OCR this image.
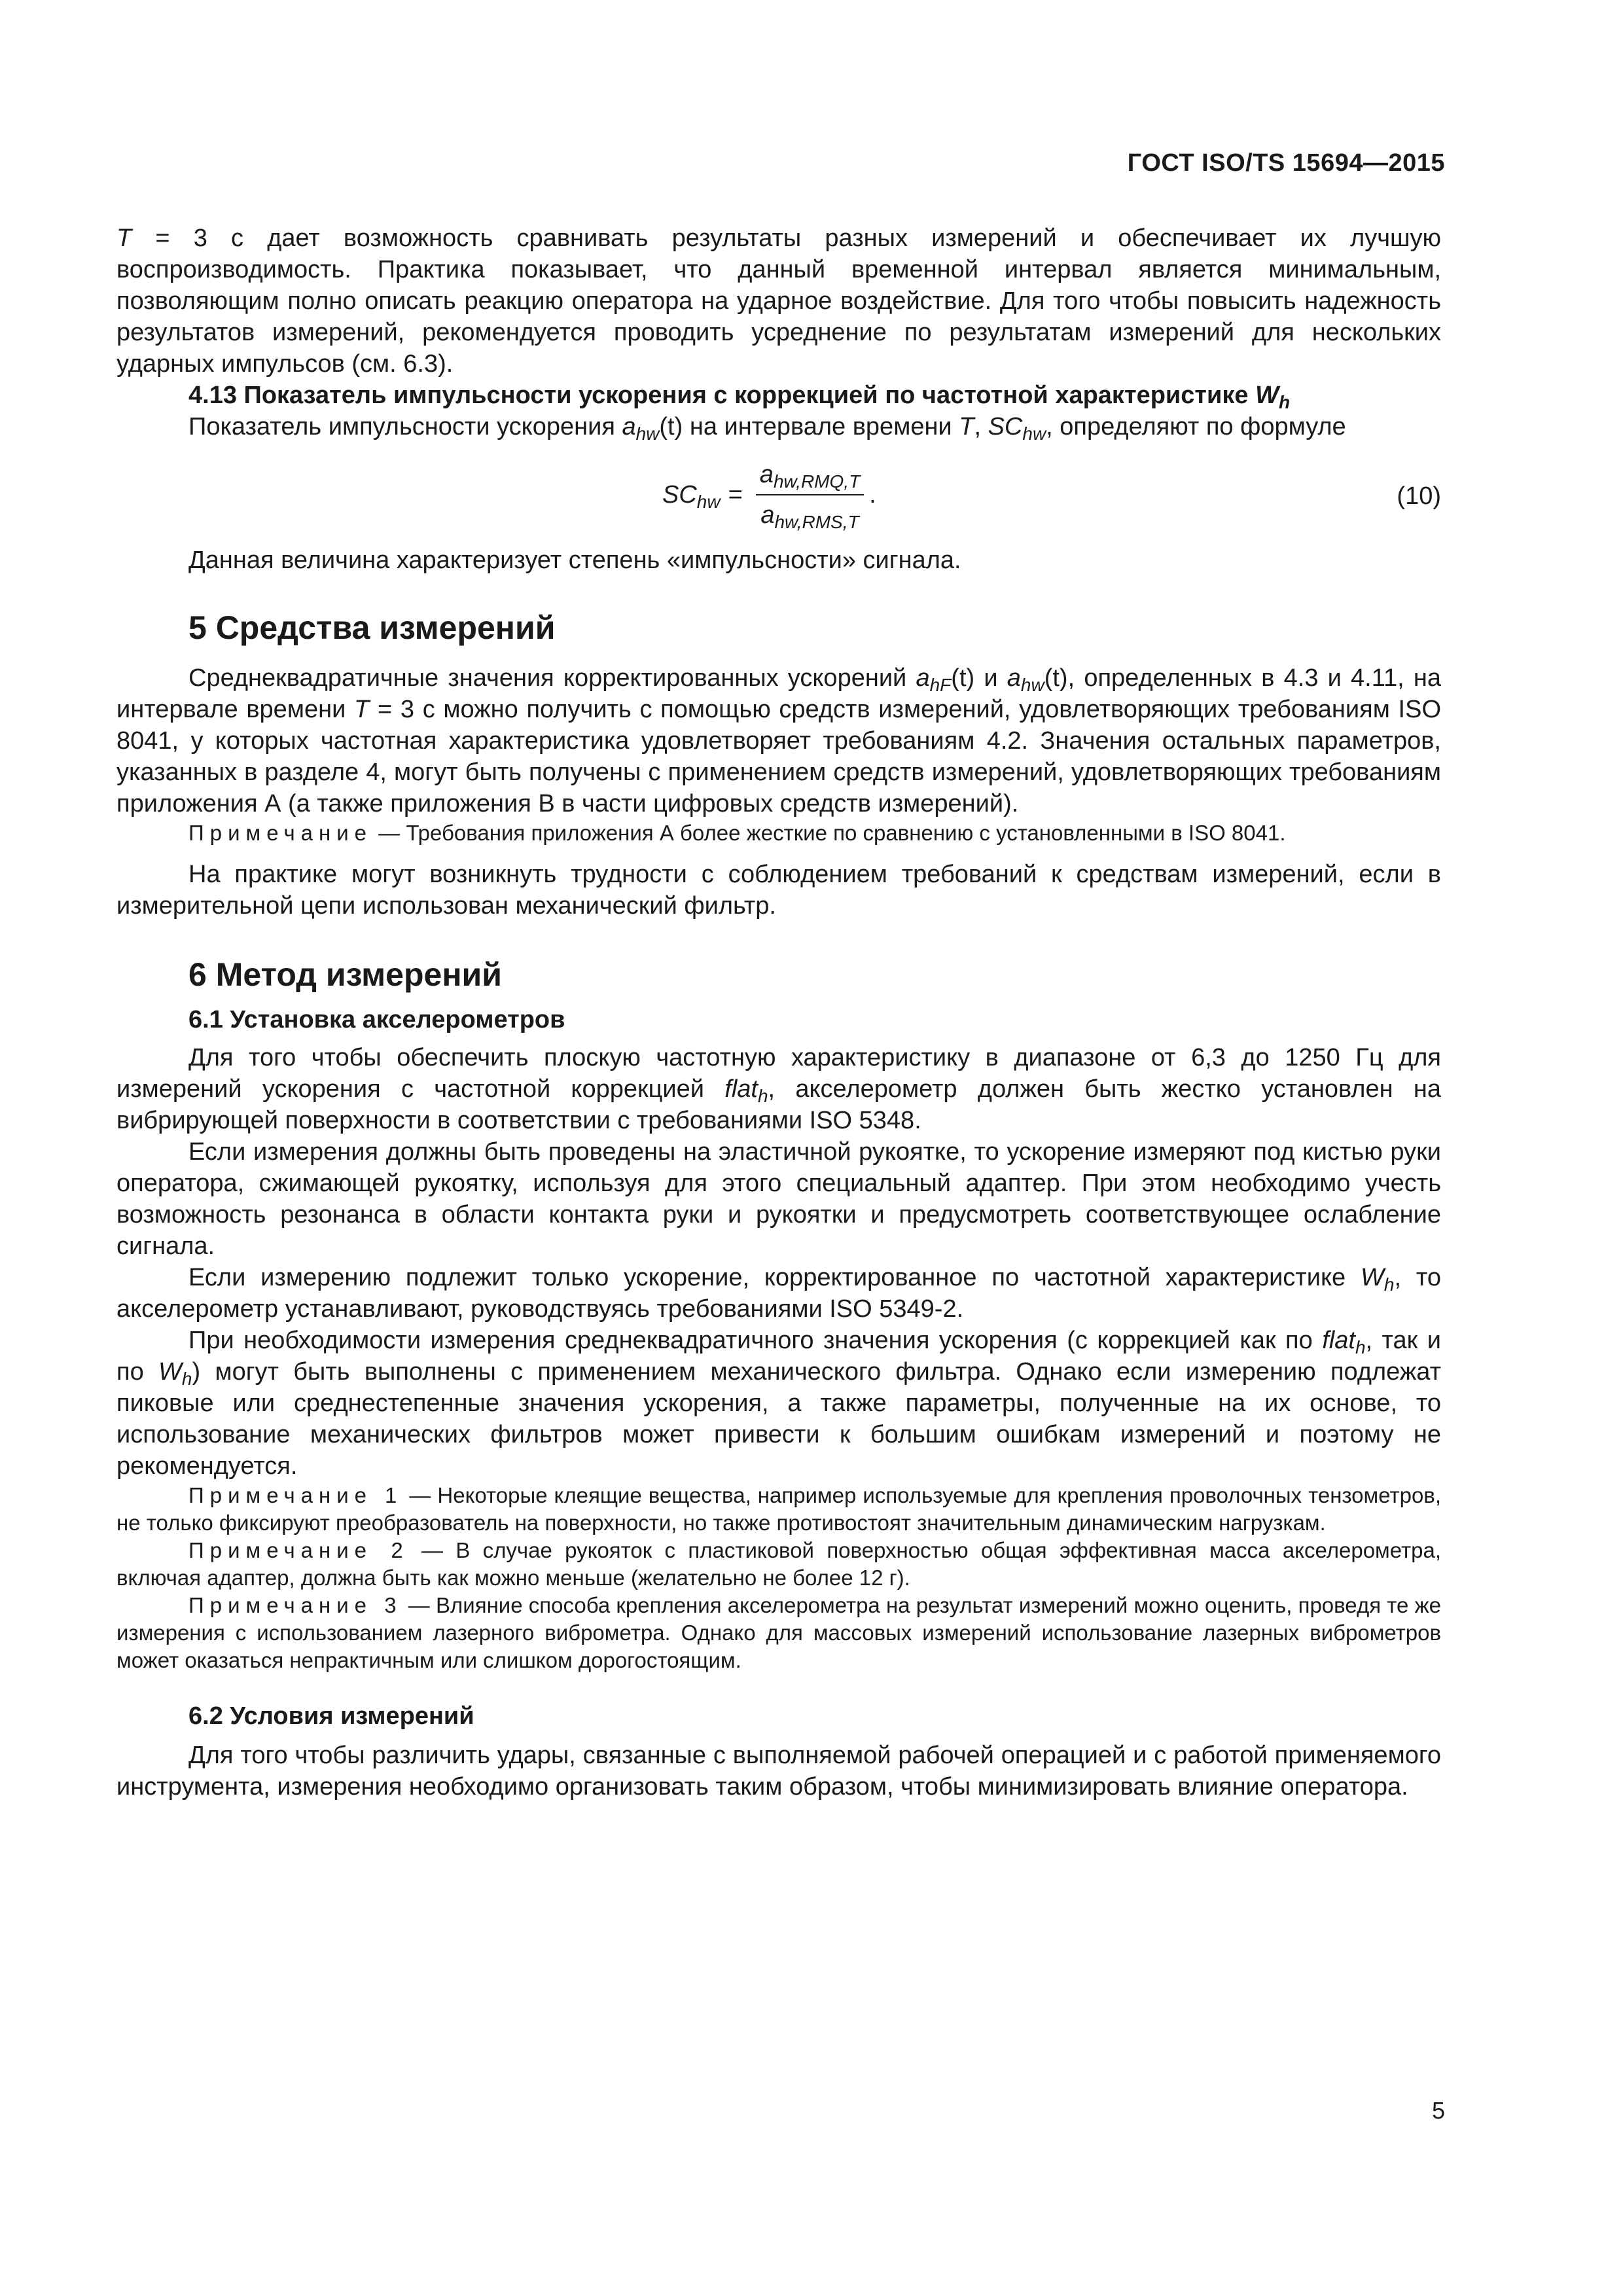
ГОСТ ISO/TS 15694—2015

T = 3 с дает возможность сравнивать результаты разных измерений и обеспечивает их лучшую воспроизводимость. Практика показывает, что данный временной интервал является минимальным, позволяющим полно описать реакцию оператора на ударное воздействие. Для того чтобы повысить надежность результатов измерений, рекомендуется проводить усреднение по результатам измерений для нескольких ударных импульсов (см. 6.3).

4.13 Показатель импульсности ускорения с коррекцией по частотной характеристике $W_h$

Показатель импульсности ускорения $a_{hw}(t)$ на интервале времени T, $SC_{hw}$, определяют по формуле

$SC_{hw} = \frac{a_{hw,RMQ,T}}{a_{hw,RMS,T}}$ .	(10)

Данная величина характеризует степень «импульсности» сигнала.

5 Средства измерений

Среднеквадратичные значения корректированных ускорений $a_{hF}(t)$ и $a_{hw}(t)$, определенных в 4.3 и 4.11, на интервале времени T = 3 с можно получить с помощью средств измерений, удовлетворяющих требованиям ISO 8041, у которых частотная характеристика удовлетворяет требованиям 4.2. Значения остальных параметров, указанных в разделе 4, могут быть получены с применением средств измерений, удовлетворяющих требованиям приложения А (а также приложения В в части цифровых средств измерений).

Примечание — Требования приложения А более жесткие по сравнению с установленными в ISO 8041.

На практике могут возникнуть трудности с соблюдением требований к средствам измерений, если в измерительной цепи использован механический фильтр.

6 Метод измерений
6.1 Установка акселерометров

Для того чтобы обеспечить плоскую частотную характеристику в диапазоне от 6,3 до 1250 Гц для измерений ускорения с частотной коррекцией flat$_h$, акселерометр должен быть жестко установлен на вибрирующей поверхности в соответствии с требованиями ISO 5348.

Если измерения должны быть проведены на эластичной рукоятке, то ускорение измеряют под кистью руки оператора, сжимающей рукоятку, используя для этого специальный адаптер. При этом необходимо учесть возможность резонанса в области контакта руки и рукоятки и предусмотреть соответствующее ослабление сигнала.

Если измерению подлежит только ускорение, корректированное по частотной характеристике $W_h$, то акселерометр устанавливают, руководствуясь требованиями ISO 5349-2.

При необходимости измерения среднеквадратичного значения ускорения (с коррекцией как по flat$_h$, так и по $W_h$) могут быть выполнены с применением механического фильтра. Однако если измерению подлежат пиковые или среднестепенные значения ускорения, а также параметры, полученные на их основе, то использование механических фильтров может привести к большим ошибкам измерений и поэтому не рекомендуется.

Примечание 1 — Некоторые клеящие вещества, например используемые для крепления проволочных тензометров, не только фиксируют преобразователь на поверхности, но также противостоят значительным динамическим нагрузкам.

Примечание 2 — В случае рукояток с пластиковой поверхностью общая эффективная масса акселерометра, включая адаптер, должна быть как можно меньше (желательно не более 12 г).

Примечание 3 — Влияние способа крепления акселерометра на результат измерений можно оценить, проведя те же измерения с использованием лазерного виброметра. Однако для массовых измерений использование лазерных виброметров может оказаться непрактичным или слишком дорогостоящим.

6.2 Условия измерений

Для того чтобы различить удары, связанные с выполняемой рабочей операцией и с работой применяемого инструмента, измерения необходимо организовать таким образом, чтобы минимизировать влияние оператора.

5
